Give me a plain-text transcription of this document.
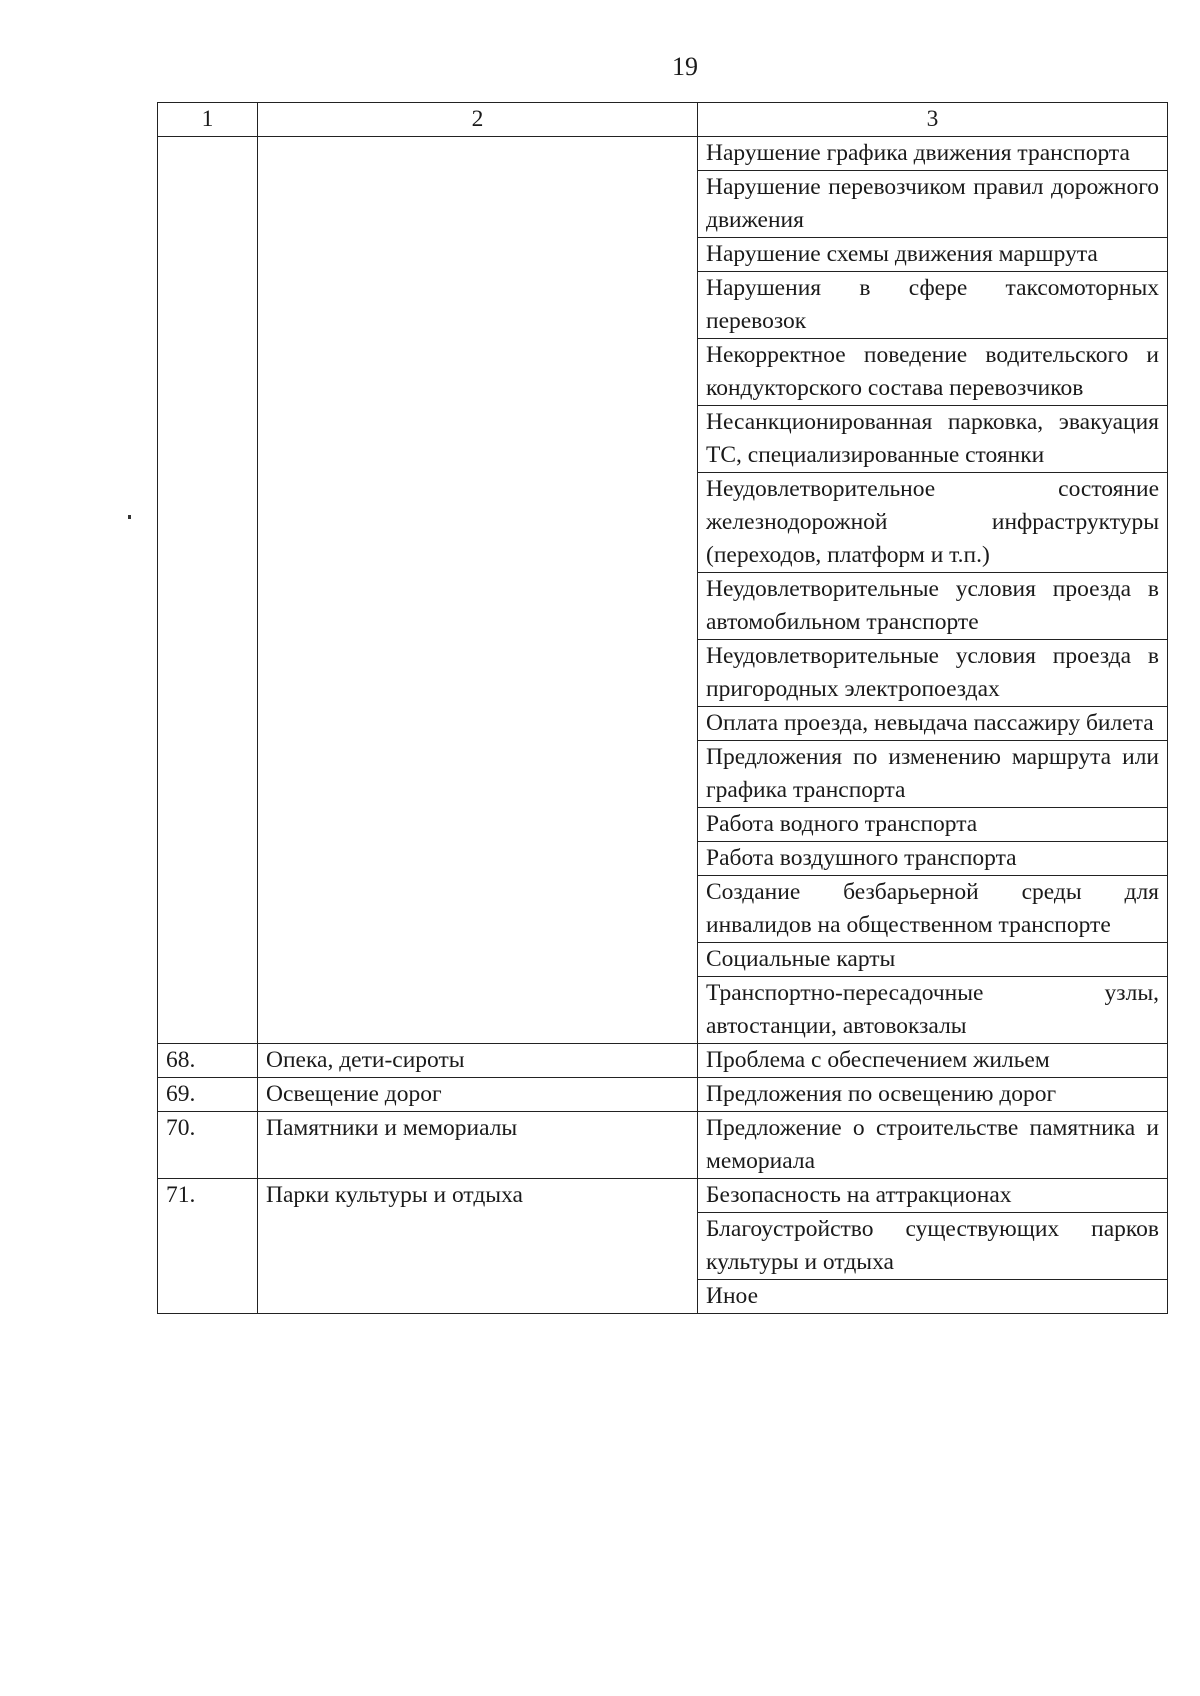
19
1	2	3
		Нарушение графика движения транспорта
		Нарушение перевозчиком правил дорожного движения
		Нарушение схемы движения маршрута
		Нарушения в сфере таксомоторных перевозок
		Некорректное поведение водительского и кондукторского состава перевозчиков
		Несанкционированная парковка, эвакуация ТС, специализированные стоянки
		Неудовлетворительное состояние железнодорожной инфраструктуры (переходов, платформ и т.п.)
		Неудовлетворительные условия проезда в автомобильном транспорте
		Неудовлетворительные условия проезда в пригородных электропоездах
		Оплата проезда, невыдача пассажиру билета
		Предложения по изменению маршрута или графика транспорта
		Работа водного транспорта
		Работа воздушного транспорта
		Создание безбарьерной среды для инвалидов на общественном транспорте
		Социальные карты
		Транспортно-пересадочные узлы, автостанции, автовокзалы
68.	Опека, дети-сироты	Проблема с обеспечением жильем
69.	Освещение дорог	Предложения по освещению дорог
70.	Памятники и мемориалы	Предложение о строительстве памятника и мемориала
71.	Парки культуры и отдыха	Безопасность на аттракционах
		Благоустройство существующих парков культуры и отдыха
		Иное
